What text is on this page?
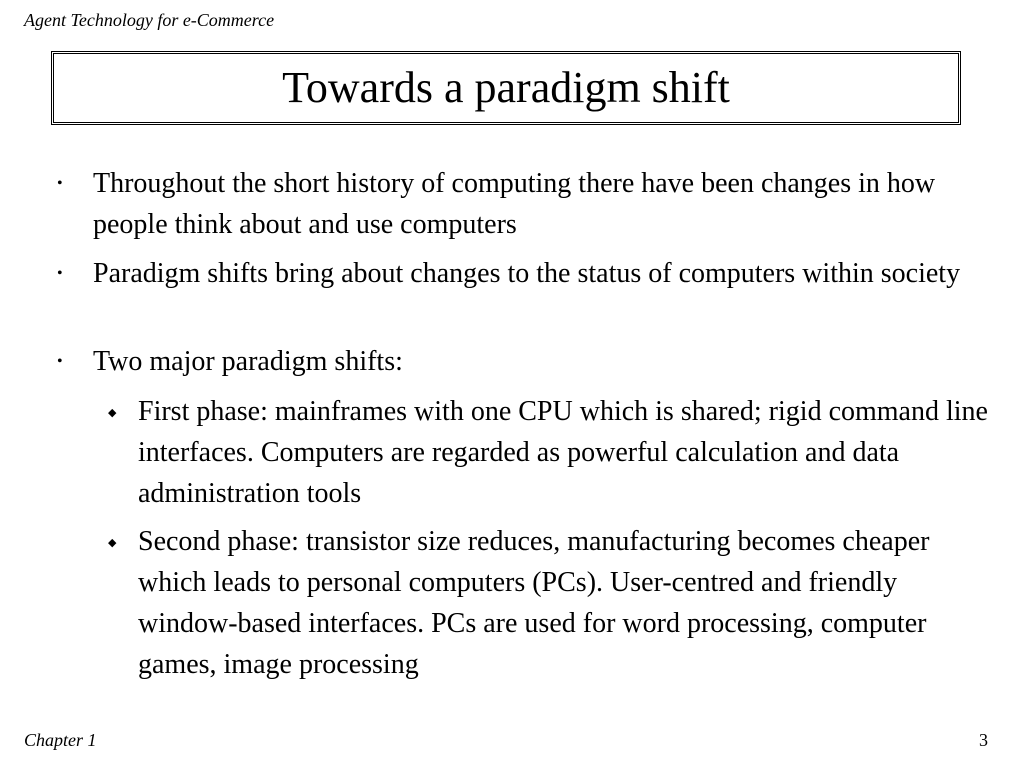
Agent Technology for e-Commerce
Towards a paradigm shift
• Throughout the short history of computing there have been changes in how people think about and use computers
• Paradigm shifts bring about changes to the status of computers within society
• Two major paradigm shifts:
◆ First phase: mainframes with one CPU which is shared; rigid command line interfaces. Computers are regarded as powerful calculation and data administration tools
◆ Second phase: transistor size reduces, manufacturing becomes cheaper which leads to personal computers (PCs). User-centred and friendly window-based interfaces. PCs are used for word processing, computer games, image processing
Chapter 1	3
